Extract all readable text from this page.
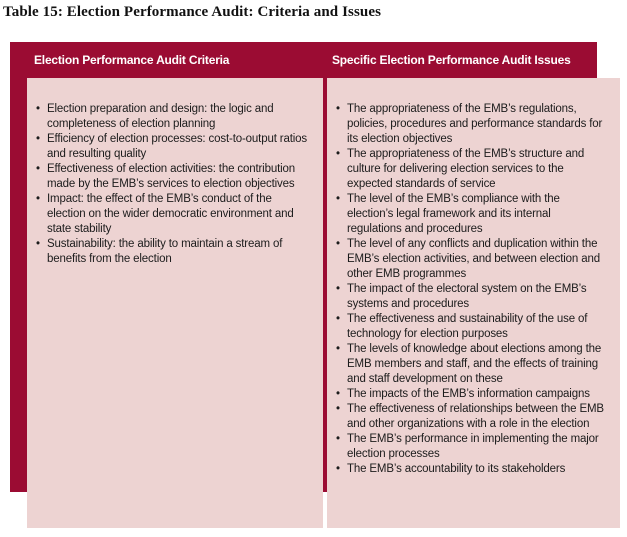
Table 15: Election Performance Audit: Criteria and Issues
Election Performance Audit Criteria	Specific Election Performance Audit Issues
• Election preparation and design: the logic and completeness of election planning
• Efficiency of election processes: cost-to-output ratios and resulting quality
• Effectiveness of election activities: the contribution made by the EMB’s services to election objectives
• Impact: the effect of the EMB’s conduct of the election on the wider democratic environment and state stability
• Sustainability: the ability to maintain a stream of benefits from the election
• The appropriateness of the EMB’s regulations, policies, procedures and performance standards for its election objectives
• The appropriateness of the EMB’s structure and culture for delivering election services to the expected standards of service
• The level of the EMB’s compliance with the election’s legal framework and its internal regulations and procedures
• The level of any conflicts and duplication within the EMB’s election activities, and between election and other EMB programmes
• The impact of the electoral system on the EMB’s systems and procedures
• The effectiveness and sustainability of the use of technology for election purposes
• The levels of knowledge about elections among the EMB members and staff, and the effects of training and staff development on these
• The impacts of the EMB’s information campaigns
• The effectiveness of relationships between the EMB and other organizations with a role in the election
• The EMB’s performance in implementing the major election processes
• The EMB’s accountability to its stakeholders
